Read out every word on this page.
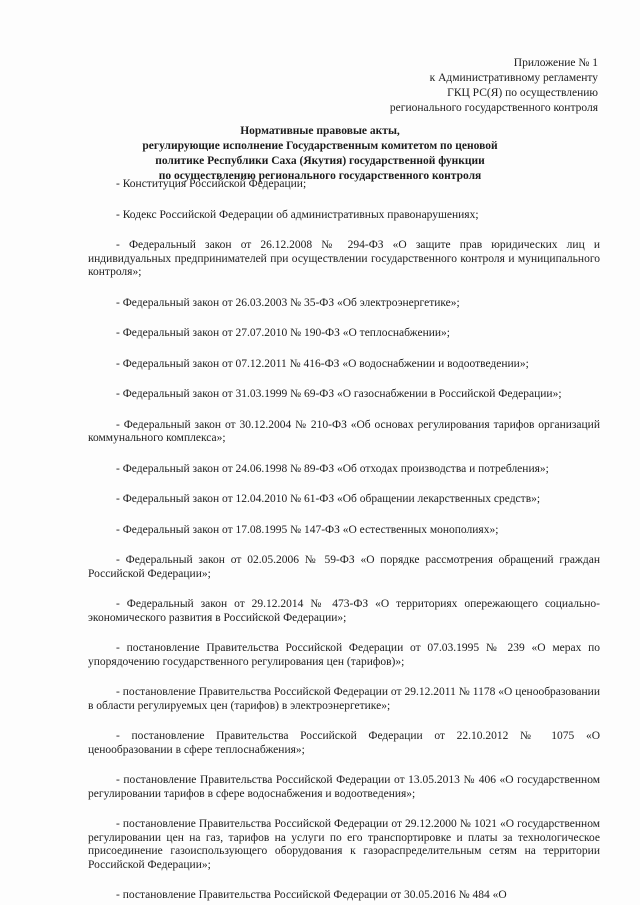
Приложение № 1
к Административному регламенту
ГКЦ РС(Я) по осуществлению
регионального государственного контроля
Нормативные правовые акты,
регулирующие исполнение Государственным комитетом по ценовой
политике Республики Саха (Якутия) государственной функции
по осуществлению регионального государственного контроля

- Конституция Российской Федерации;

- Кодекс Российской Федерации об административных правонарушениях;

- Федеральный закон от 26.12.2008 № 294-ФЗ «О защите прав юридических лиц и индивидуальных предпринимателей при осуществлении государственного контроля и муниципального контроля»;

- Федеральный закон от 26.03.2003 № 35-ФЗ «Об электроэнергетике»;

- Федеральный закон от 27.07.2010 № 190-ФЗ «О теплоснабжении»;

- Федеральный закон от 07.12.2011 № 416-ФЗ «О водоснабжении и водоотведении»;

- Федеральный закон от 31.03.1999 № 69-ФЗ «О газоснабжении в Российской Федерации»;

- Федеральный закон от 30.12.2004 № 210-ФЗ «Об основах регулирования тарифов организаций коммунального комплекса»;

- Федеральный закон от 24.06.1998 № 89-ФЗ «Об отходах производства и потребления»;

- Федеральный закон от 12.04.2010 № 61-ФЗ «Об обращении лекарственных средств»;

- Федеральный закон от 17.08.1995 № 147-ФЗ «О естественных монополиях»;

- Федеральный закон от 02.05.2006 № 59-ФЗ «О порядке рассмотрения обращений граждан Российской Федерации»;

- Федеральный закон от 29.12.2014 № 473-ФЗ «О территориях опережающего социально-экономического развития в Российской Федерации»;

- постановление Правительства Российской Федерации от 07.03.1995 № 239 «О мерах по упорядочению государственного регулирования цен (тарифов)»;

- постановление Правительства Российской Федерации от 29.12.2011 № 1178 «О ценообразовании в области регулируемых цен (тарифов) в электроэнергетике»;

- постановление Правительства Российской Федерации от 22.10.2012 № 1075 «О ценообразовании в сфере теплоснабжения»;

- постановление Правительства Российской Федерации от 13.05.2013 № 406 «О государственном регулировании тарифов в сфере водоснабжения и водоотведения»;

- постановление Правительства Российской Федерации от 29.12.2000 № 1021 «О государственном регулировании цен на газ, тарифов на услуги по его транспортировке и платы за технологическое присоединение газоиспользующего оборудования к газораспределительным сетям на территории Российской Федерации»;

- постановление Правительства Российской Федерации от 30.05.2016 № 484 «О
